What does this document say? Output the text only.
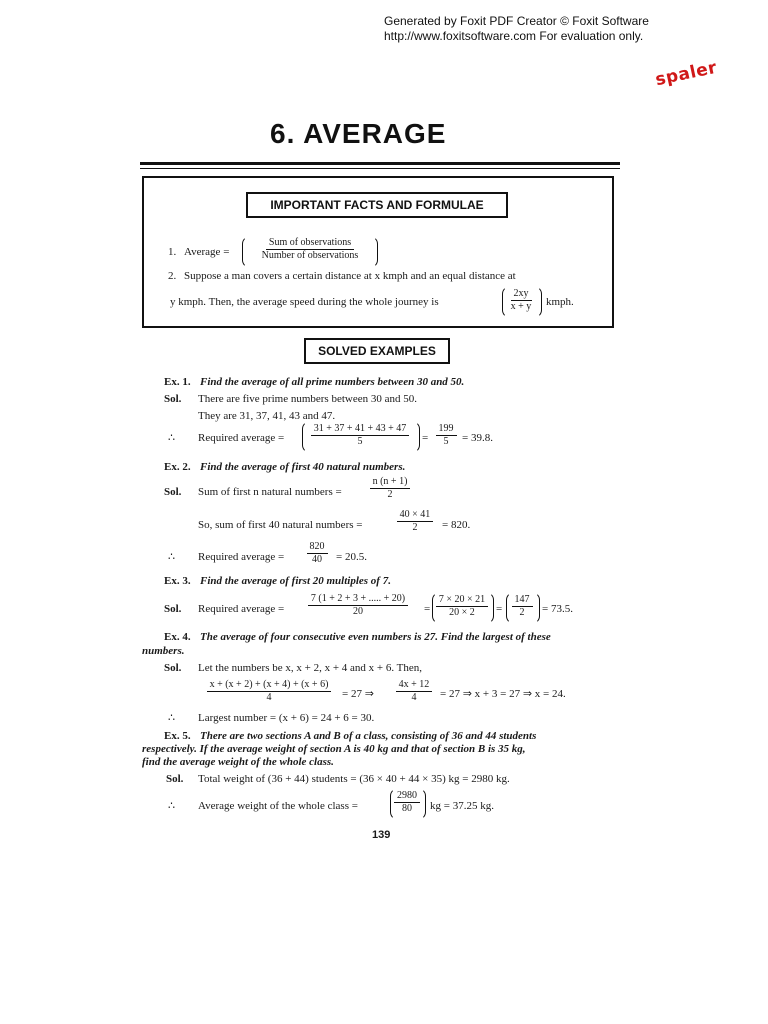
Generated by Foxit PDF Creator © Foxit Software
http://www.foxitsoftware.com For evaluation only.
spaler

6. AVERAGE
IMPORTANT FACTS AND FORMULAE
1. Average =
Sum of observations
Number of observations
2. Suppose a man covers a certain distance at x kmph and an equal distance at
y kmph. Then, the average speed during the whole journey is	$\frac{2xy}{x + y}$ kmph.
SOLVED EXAMPLES
Ex. 1. Find the average of all prime numbers between 30 and 50.
Sol. There are five prime numbers between 30 and 50.
They are 31, 37, 41, 43 and 47.
∴ Required average = $\frac{31 + 37 + 41 + 43 + 47}{5} = \frac{199}{5} = 39.8$.
Ex. 2. Find the average of first 40 natural numbers.
Sol. Sum of first n natural numbers = $\frac{n (n + 1)}{2}$
So, sum of first 40 natural numbers =	$\frac{40 \times 41}{2} = 820$.
∴ Required average = $\frac{820}{40} = 20.5$.
Ex. 3. Find the average of first 20 multiples of 7.
Sol. Required average = $\frac{7 (1 + 2 + 3 + ..... + 20)}{20} = \frac{7 \times 20 \times 21}{20 \times 2} = \frac{147}{2} = 73.5$.
Ex. 4. The average of four consecutive even numbers is 27. Find the largest of these
numbers.
Sol. Let the numbers be x, x + 2, x + 4 and x + 6. Then,
$\frac{x + (x + 2) + (x + 4) + (x + 6)}{4} = 27$ ⇒ $\frac{4x + 12}{4} = 27$ ⇒ x + 3 = 27 ⇒ x = 24.
∴ Largest number = (x + 6) = 24 + 6 = 30.
Ex. 5. There are two sections A and B of a class, consisting of 36 and 44 students
respectively. If the average weight of section A is 40 kg and that of section B is 35 kg,
find the average weight of the whole class.
Sol. Total weight of (36 + 44) students = (36 × 40 + 44 × 35) kg = 2980 kg.
∴ Average weight of the whole class =	$\frac{2980}{80}$ kg = 37.25 kg.
139
